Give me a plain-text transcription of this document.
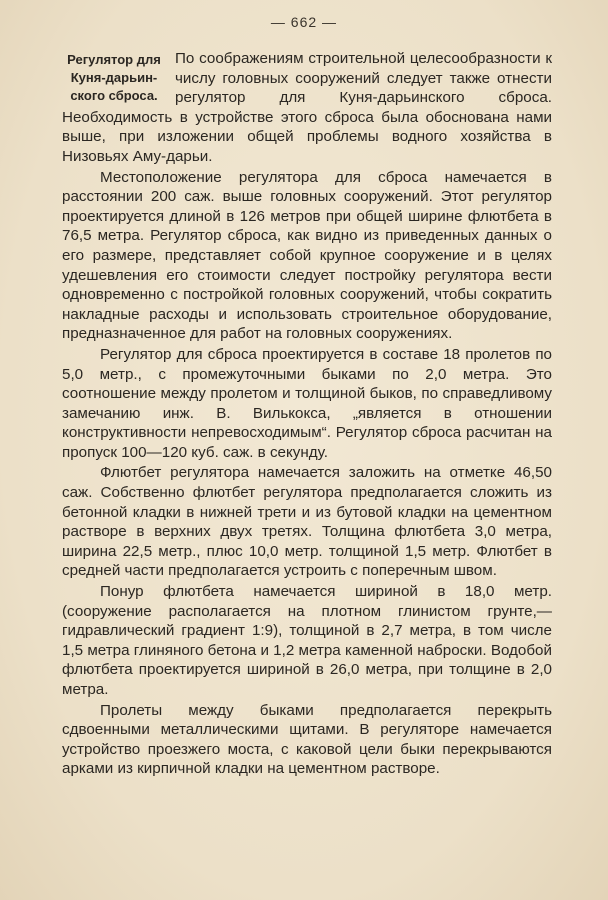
— 662 —
Регулятор для
Куня-дарьин-
ского сброса.

По соображениям строительной целесообразности к числу головных сооружений следует также отнести регулятор для Куня-дарьинского сброса. Необходимость в устройстве этого сброса была обоснована нами выше, при изложении общей проблемы водного хозяйства в Низовьях Аму-дарьи.

Местоположение регулятора для сброса намечается в расстоянии 200 саж. выше головных сооружений. Этот регулятор проектируется длиной в 126 метров при общей ширине флютбета в 76,5 метра. Регулятор сброса, как видно из приведенных данных о его размере, представляет собой крупное сооружение и в целях удешевления его стоимости следует постройку регулятора вести одновременно с постройкой головных сооружений, чтобы сократить накладные расходы и использовать строительное оборудование, предназначенное для работ на головных сооружениях.

Регулятор для сброса проектируется в составе 18 пролетов по 5,0 метр., с промежуточными быками по 2,0 метра. Это соотношение между пролетом и толщиной быков, по справедливому замечанию инж. В. Вилькокса, „является в отношении конструктивности непревосходимым“. Регулятор сброса расчитан на пропуск 100—120 куб. саж. в секунду.

Флютбет регулятора намечается заложить на отметке 46,50 саж. Собственно флютбет регулятора предполагается сложить из бетонной кладки в нижней трети и из бутовой кладки на цементном растворе в верхних двух третях. Толщина флютбета 3,0 метра, ширина 22,5 метр., плюс 10,0 метр. толщиной 1,5 метр. Флютбет в средней части предполагается устроить с поперечным швом.

Понур флютбета намечается шириной в 18,0 метр. (сооружение располагается на плотном глинистом грунте,—гидравлический градиент 1:9), толщиной в 2,7 метра, в том числе 1,5 метра глиняного бетона и 1,2 метра каменной наброски. Водобой флютбета проектируется шириной в 26,0 метра, при толщине в 2,0 метра.

Пролеты между быками предполагается перекрыть сдвоенными металлическими щитами. В регуляторе намечается устройство проезжего моста, с каковой цели быки перекрываются арками из кирпичной кладки на цементном растворе.
